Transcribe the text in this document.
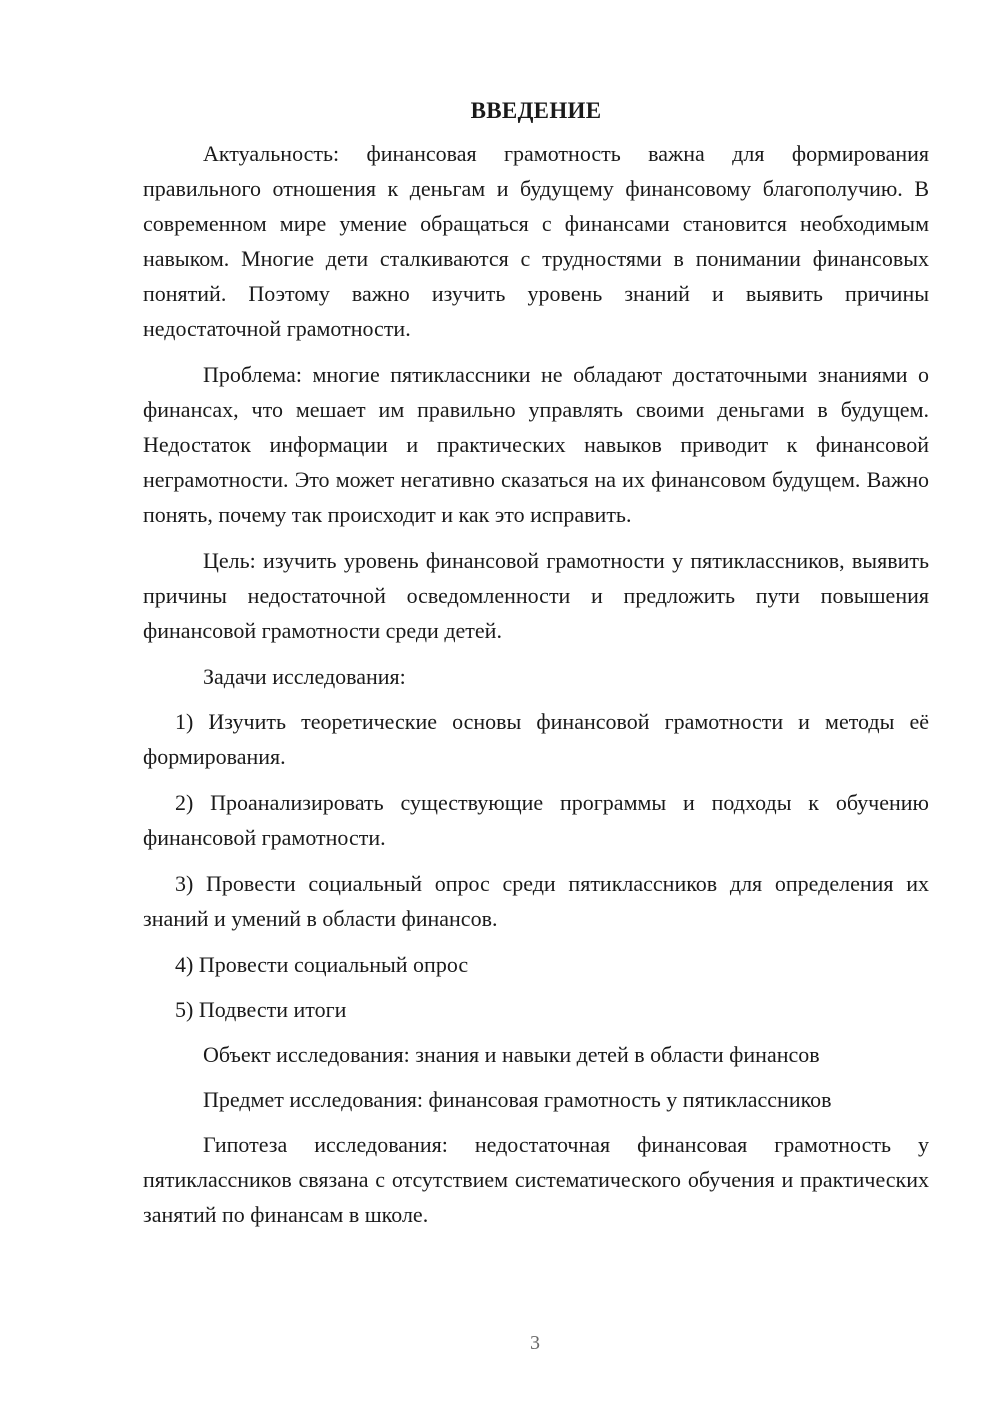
ВВЕДЕНИЕ

Актуальность: финансовая грамотность важна для формирования правильного отношения к деньгам и будущему финансовому благополучию. В современном мире умение обращаться с финансами становится необходимым навыком. Многие дети сталкиваются с трудностями в понимании финансовых понятий. Поэтому важно изучить уровень знаний и выявить причины недостаточной грамотности.

Проблема: многие пятиклассники не обладают достаточными знаниями о финансах, что мешает им правильно управлять своими деньгами в будущем. Недостаток информации и практических навыков приводит к финансовой неграмотности. Это может негативно сказаться на их финансовом будущем. Важно понять, почему так происходит и как это исправить.

Цель: изучить уровень финансовой грамотности у пятиклассников, выявить причины недостаточной осведомленности и предложить пути повышения финансовой грамотности среди детей.

Задачи исследования:

1) Изучить теоретические основы финансовой грамотности и методы её формирования.

2) Проанализировать существующие программы и подходы к обучению финансовой грамотности.

3) Провести социальный опрос среди пятиклассников для определения их знаний и умений в области финансов.

4) Провести социальный опрос

5) Подвести итоги

Объект исследования: знания и навыки детей в области финансов

Предмет исследования: финансовая грамотность у пятиклассников

Гипотеза исследования: недостаточная финансовая грамотность у пятиклассников связана с отсутствием систематического обучения и практических занятий по финансам в школе.

3
